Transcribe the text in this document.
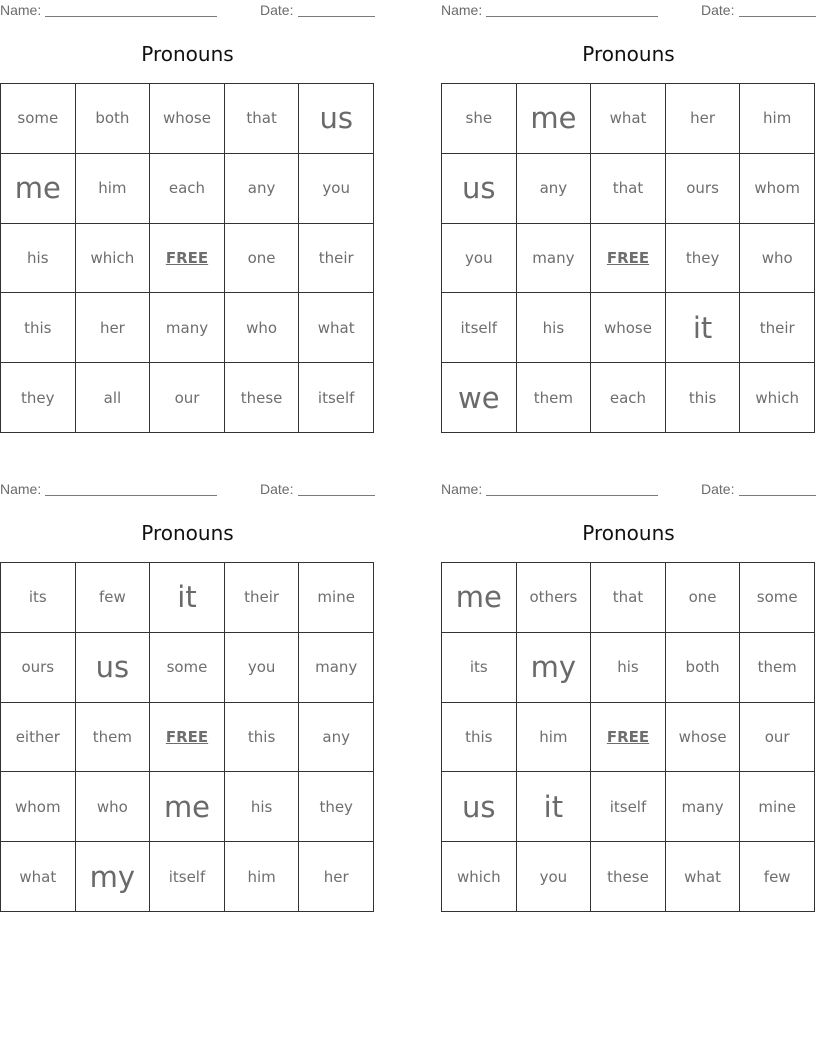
Name:	Date:
Pronouns
some	both	whose	that	us
me	him	each	any	you
his	which	FREE	one	their
this	her	many	who	what
they	all	our	these	itself
Name:	Date:
Pronouns
she	me	what	her	him
us	any	that	ours	whom
you	many	FREE	they	who
itself	his	whose	it	their
we	them	each	this	which
Name:	Date:
Pronouns
its	few	it	their	mine
ours	us	some	you	many
either	them	FREE	this	any
whom	who	me	his	they
what	my	itself	him	her
Name:	Date:
Pronouns
me	others	that	one	some
its	my	his	both	them
this	him	FREE	whose	our
us	it	itself	many	mine
which	you	these	what	few
